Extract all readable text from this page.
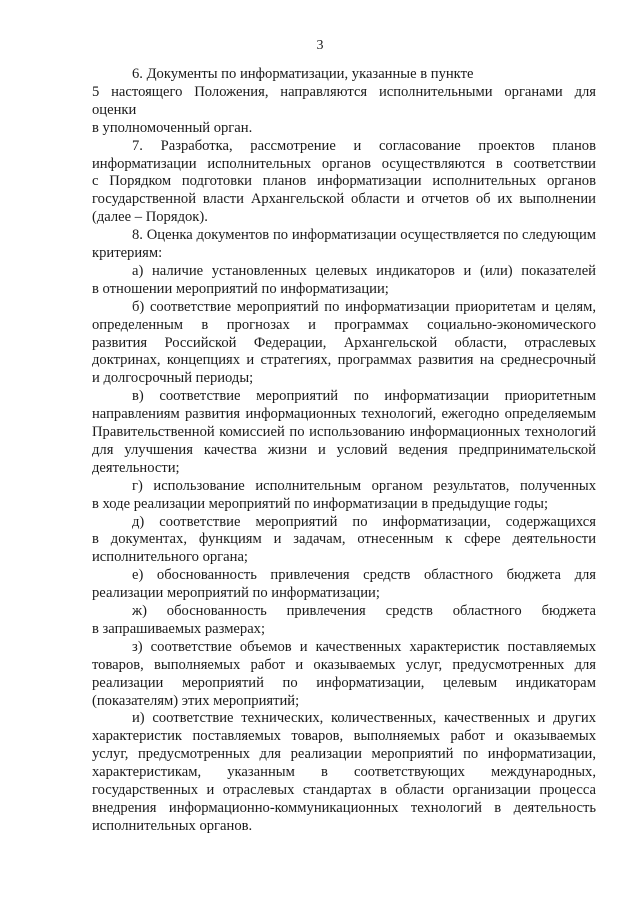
3
6. Документы по информатизации, указанные в пункте
5 настоящего Положения, направляются исполнительными органами для
оценки
в уполномоченный орган.
7. Разработка, рассмотрение и согласование проектов планов
информатизации исполнительных органов осуществляются в соответствии
с Порядком подготовки планов информатизации исполнительных органов
государственной власти Архангельской области и отчетов об их выполнении
(далее – Порядок).
8. Оценка документов по информатизации осуществляется по следующим
критериям:
а) наличие установленных целевых индикаторов и (или) показателей
в отношении мероприятий по информатизации;
б) соответствие мероприятий по информатизации приоритетам и целям,
определенным в прогнозах и программах социально-экономического
развития Российской Федерации, Архангельской области, отраслевых
доктринах, концепциях и стратегиях, программах развития на среднесрочный
и долгосрочный периоды;
в) соответствие мероприятий по информатизации приоритетным
направлениям развития информационных технологий, ежегодно определяемым
Правительственной комиссией по использованию информационных технологий
для улучшения качества жизни и условий ведения предпринимательской
деятельности;
г) использование исполнительным органом результатов, полученных
в ходе реализации мероприятий по информатизации в предыдущие годы;
д) соответствие мероприятий по информатизации, содержащихся
в документах, функциям и задачам, отнесенным к сфере деятельности
исполнительного органа;
е) обоснованность привлечения средств областного бюджета для
реализации мероприятий по информатизации;
ж) обоснованность привлечения средств областного бюджета
в запрашиваемых размерах;
з) соответствие объемов и качественных характеристик поставляемых
товаров, выполняемых работ и оказываемых услуг, предусмотренных для
реализации мероприятий по информатизации, целевым индикаторам
(показателям) этих мероприятий;
и) соответствие технических, количественных, качественных и других
характеристик поставляемых товаров, выполняемых работ и оказываемых
услуг, предусмотренных для реализации мероприятий по информатизации,
характеристикам, указанным в соответствующих международных,
государственных и отраслевых стандартах в области организации процесса
внедрения информационно-коммуникационных технологий в деятельность
исполнительных органов.
